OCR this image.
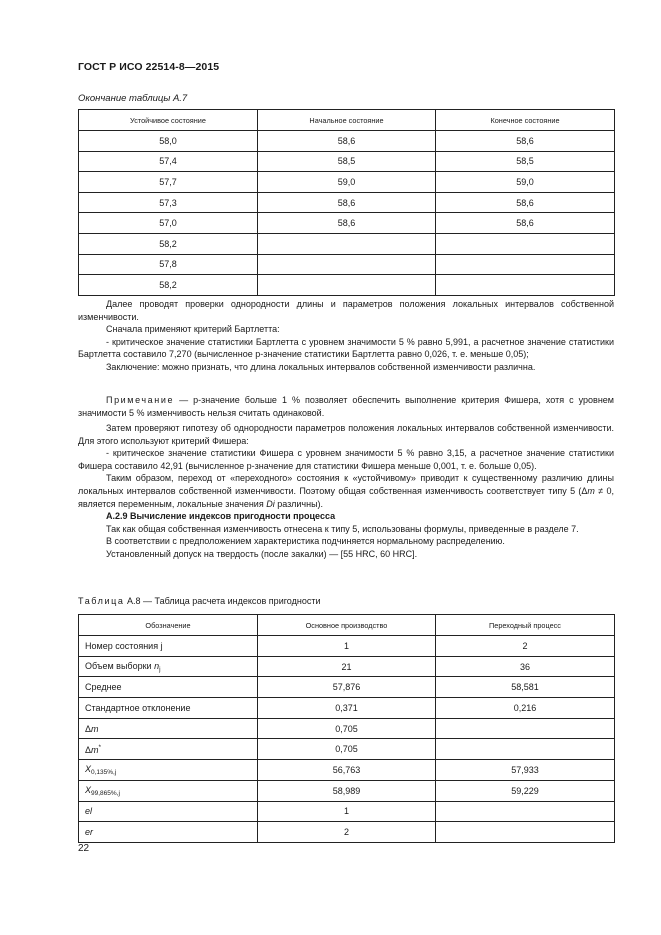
ГОСТ Р ИСО 22514-8—2015
Окончание таблицы А.7
Устойчивое состояние	Начальное состояние	Конечное состояние
58,0	58,6	58,6
57,4	58,5	58,5
57,7	59,0	59,0
57,3	58,6	58,6
57,0	58,6	58,6
58,2		
57,8		
58,2		

Далее проводят проверки однородности длины и параметров положения локальных интервалов собственной изменчивости.

Сначала применяют критерий Бартлетта:

- критическое значение статистики Бартлетта с уровнем значимости 5 % равно 5,991, а расчетное значение статистики Бартлетта составило 7,270 (вычисленное р-значение статистики Бартлетта равно 0,026, т. е. меньше 0,05);

Заключение: можно признать, что длина локальных интервалов собственной изменчивости различна.

Примечание — р-значение больше 1 % позволяет обеспечить выполнение критерия Фишера, хотя с уровнем значимости 5 % изменчивость нельзя считать одинаковой.

Затем проверяют гипотезу об однородности параметров положения локальных интервалов собственной изменчивости. Для этого используют критерий Фишера:

- критическое значение статистики Фишера с уровнем значимости 5 % равно 3,15, а расчетное значение статистики Фишера составило 42,91 (вычисленное р-значение для статистики Фишера меньше 0,001, т. е. больше 0,05).

Таким образом, переход от «переходного» состояния к «устойчивому» приводит к существенному различию длины локальных интервалов собственной изменчивости. Поэтому общая собственная изменчивость соответствует типу 5 (Δm ≠ 0, является переменным, локальные значения Di различны).

А.2.9 Вычисление индексов пригодности процесса

Так как общая собственная изменчивость отнесена к типу 5, использованы формулы, приведенные в разделе 7.

В соответствии с предположением характеристика подчиняется нормальному распределению.

Установленный допуск на твердость (после закалки) — [55 HRC, 60 HRC].

Таблица А.8 — Таблица расчета индексов пригодности
Обозначение	Основное производство	Переходный процесс
Номер состояния j	1	2
Объем выборки $n_j$	21	36
Среднее	57,876	58,581
Стандартное отклонение	0,371	0,216
Δm	0,705	
Δm*	0,705	
$X_{0,135\%,j}$	56,763	57,933
$X_{99,865\%,j}$	58,989	59,229
el	1	
er	2	
22
